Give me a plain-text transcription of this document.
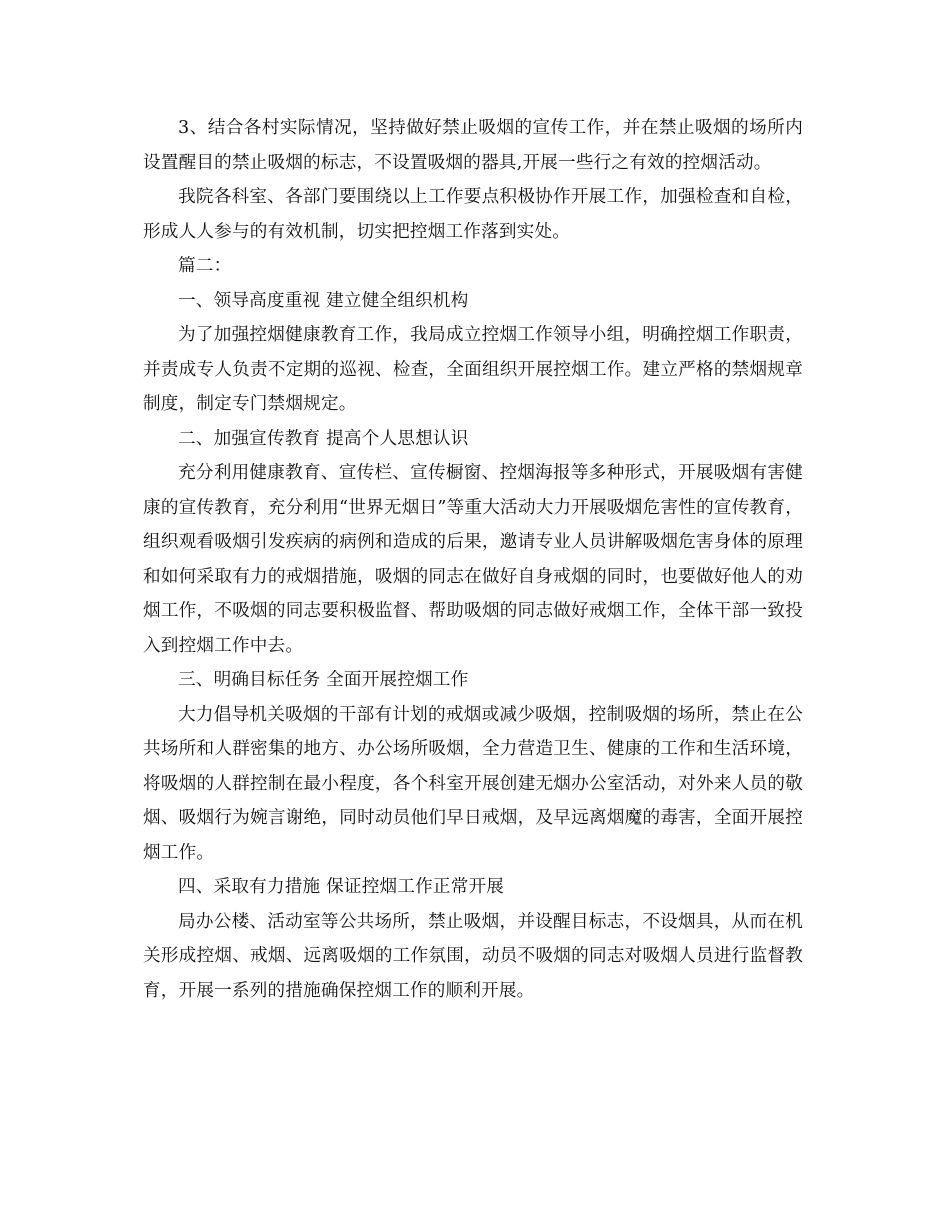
3、结合各村实际情况，坚持做好禁止吸烟的宣传工作，并在禁止吸烟的场所内设置醒目的禁止吸烟的标志，不设置吸烟的器具,开展一些行之有效的控烟活动。

我院各科室、各部门要围绕以上工作要点积极协作开展工作，加强检查和自检，形成人人参与的有效机制，切实把控烟工作落到实处。

篇二：

一、领导高度重视 建立健全组织机构

为了加强控烟健康教育工作，我局成立控烟工作领导小组，明确控烟工作职责，并责成专人负责不定期的巡视、检查，全面组织开展控烟工作。建立严格的禁烟规章制度，制定专门禁烟规定。

二、加强宣传教育 提高个人思想认识

充分利用健康教育、宣传栏、宣传橱窗、控烟海报等多种形式，开展吸烟有害健康的宣传教育，充分利用“世界无烟日”等重大活动大力开展吸烟危害性的宣传教育，组织观看吸烟引发疾病的病例和造成的后果，邀请专业人员讲解吸烟危害身体的原理和如何采取有力的戒烟措施，吸烟的同志在做好自身戒烟的同时，也要做好他人的劝烟工作，不吸烟的同志要积极监督、帮助吸烟的同志做好戒烟工作，全体干部一致投入到控烟工作中去。

三、明确目标任务 全面开展控烟工作

大力倡导机关吸烟的干部有计划的戒烟或减少吸烟，控制吸烟的场所，禁止在公共场所和人群密集的地方、办公场所吸烟，全力营造卫生、健康的工作和生活环境，将吸烟的人群控制在最小程度，各个科室开展创建无烟办公室活动，对外来人员的敬烟、吸烟行为婉言谢绝，同时动员他们早日戒烟，及早远离烟魔的毒害，全面开展控烟工作。

四、采取有力措施 保证控烟工作正常开展

局办公楼、活动室等公共场所，禁止吸烟，并设醒目标志，不设烟具，从而在机关形成控烟、戒烟、远离吸烟的工作氛围，动员不吸烟的同志对吸烟人员进行监督教育，开展一系列的措施确保控烟工作的顺利开展。
